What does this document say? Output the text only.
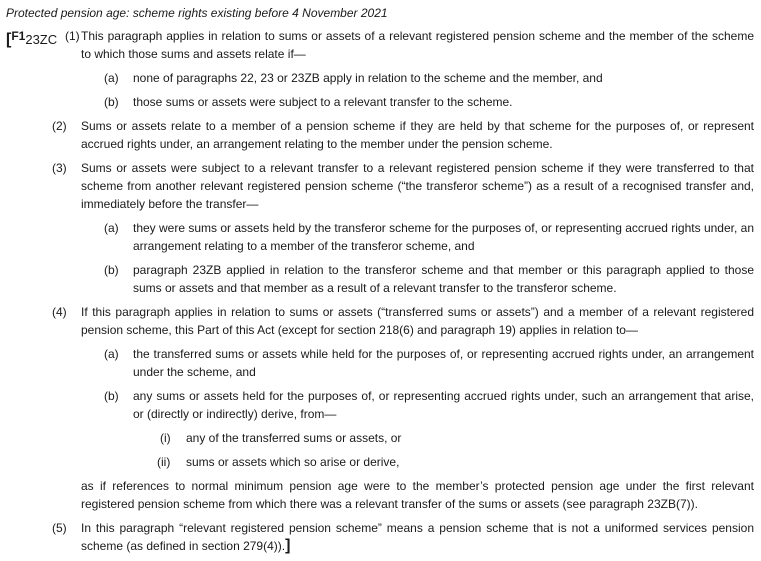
Protected pension age: scheme rights existing before 4 November 2021
[$^{F1}$23ZC (1) This paragraph applies in relation to sums or assets of a relevant registered pension scheme and the member of the scheme to which those sums and assets relate if—
(a) none of paragraphs 22, 23 or 23ZB apply in relation to the scheme and the member, and
(b) those sums or assets were subject to a relevant transfer to the scheme.
(2) Sums or assets relate to a member of a pension scheme if they are held by that scheme for the purposes of, or represent accrued rights under, an arrangement relating to the member under the pension scheme.
(3) Sums or assets were subject to a relevant transfer to a relevant registered pension scheme if they were transferred to that scheme from another relevant registered pension scheme (“the transferor scheme”) as a result of a recognised transfer and, immediately before the transfer—
(a) they were sums or assets held by the transferor scheme for the purposes of, or representing accrued rights under, an arrangement relating to a member of the transferor scheme, and
(b) paragraph 23ZB applied in relation to the transferor scheme and that member or this paragraph applied to those sums or assets and that member as a result of a relevant transfer to the transferor scheme.
(4) If this paragraph applies in relation to sums or assets (“transferred sums or assets”) and a member of a relevant registered pension scheme, this Part of this Act (except for section 218(6) and paragraph 19) applies in relation to—
(a) the transferred sums or assets while held for the purposes of, or representing accrued rights under, an arrangement under the scheme, and
(b) any sums or assets held for the purposes of, or representing accrued rights under, such an arrangement that arise, or (directly or indirectly) derive, from—
(i) any of the transferred sums or assets, or
(ii) sums or assets which so arise or derive,
as if references to normal minimum pension age were to the member’s protected pension age under the first relevant registered pension scheme from which there was a relevant transfer of the sums or assets (see paragraph 23ZB(7)).
(5) In this paragraph “relevant registered pension scheme” means a pension scheme that is not a uniformed services pension scheme (as defined in section 279(4)).]
